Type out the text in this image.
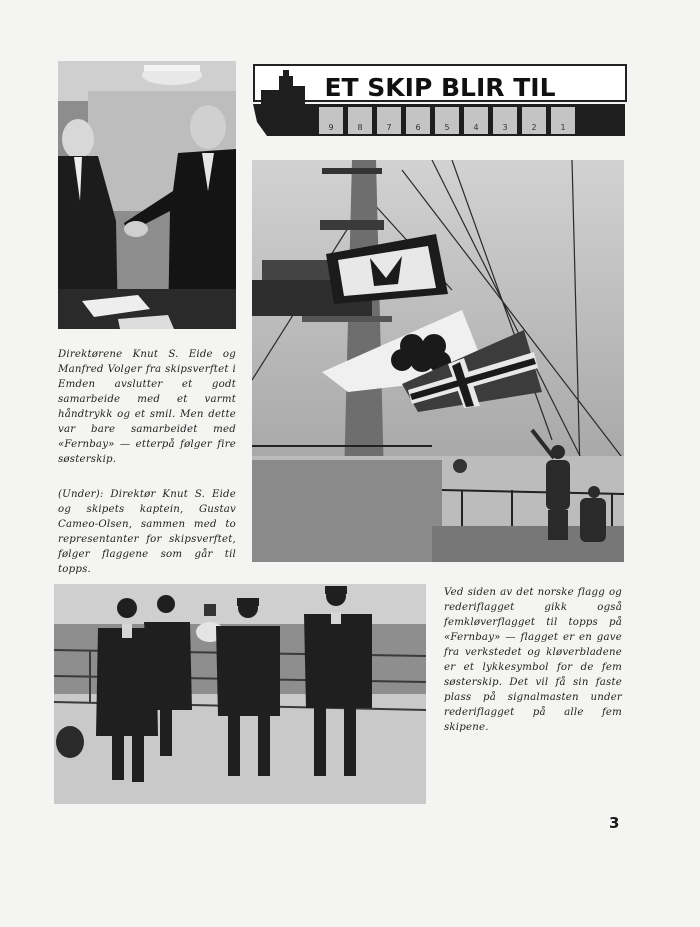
ET SKIP BLIR TIL
9	8	7	6	5	4	3	2	1

Direktørene Knut S. Eide og Manfred Volger fra skipsverftet i Emden avslutter et godt samarbeide med et varmt håndtrykk og et smil. Men dette var bare samarbeidet med «Fernbay» — etterpå følger fire søsterskip.

(Under): Direktør Knut S. Eide og skipets kaptein, Gustav Cameo-Olsen, sammen med to representanter for skipsverftet, følger flaggene som går til topps.

Ved siden av det norske flagg og rederiflagget gikk også femkløverflagget til topps på «Fernbay» — flagget er en gave fra verkstedet og kløverbladene er et lykkesymbol for de fem søsterskip. Det vil få sin faste plass på signalmasten under rederiflagget på alle fem skipene.

3
